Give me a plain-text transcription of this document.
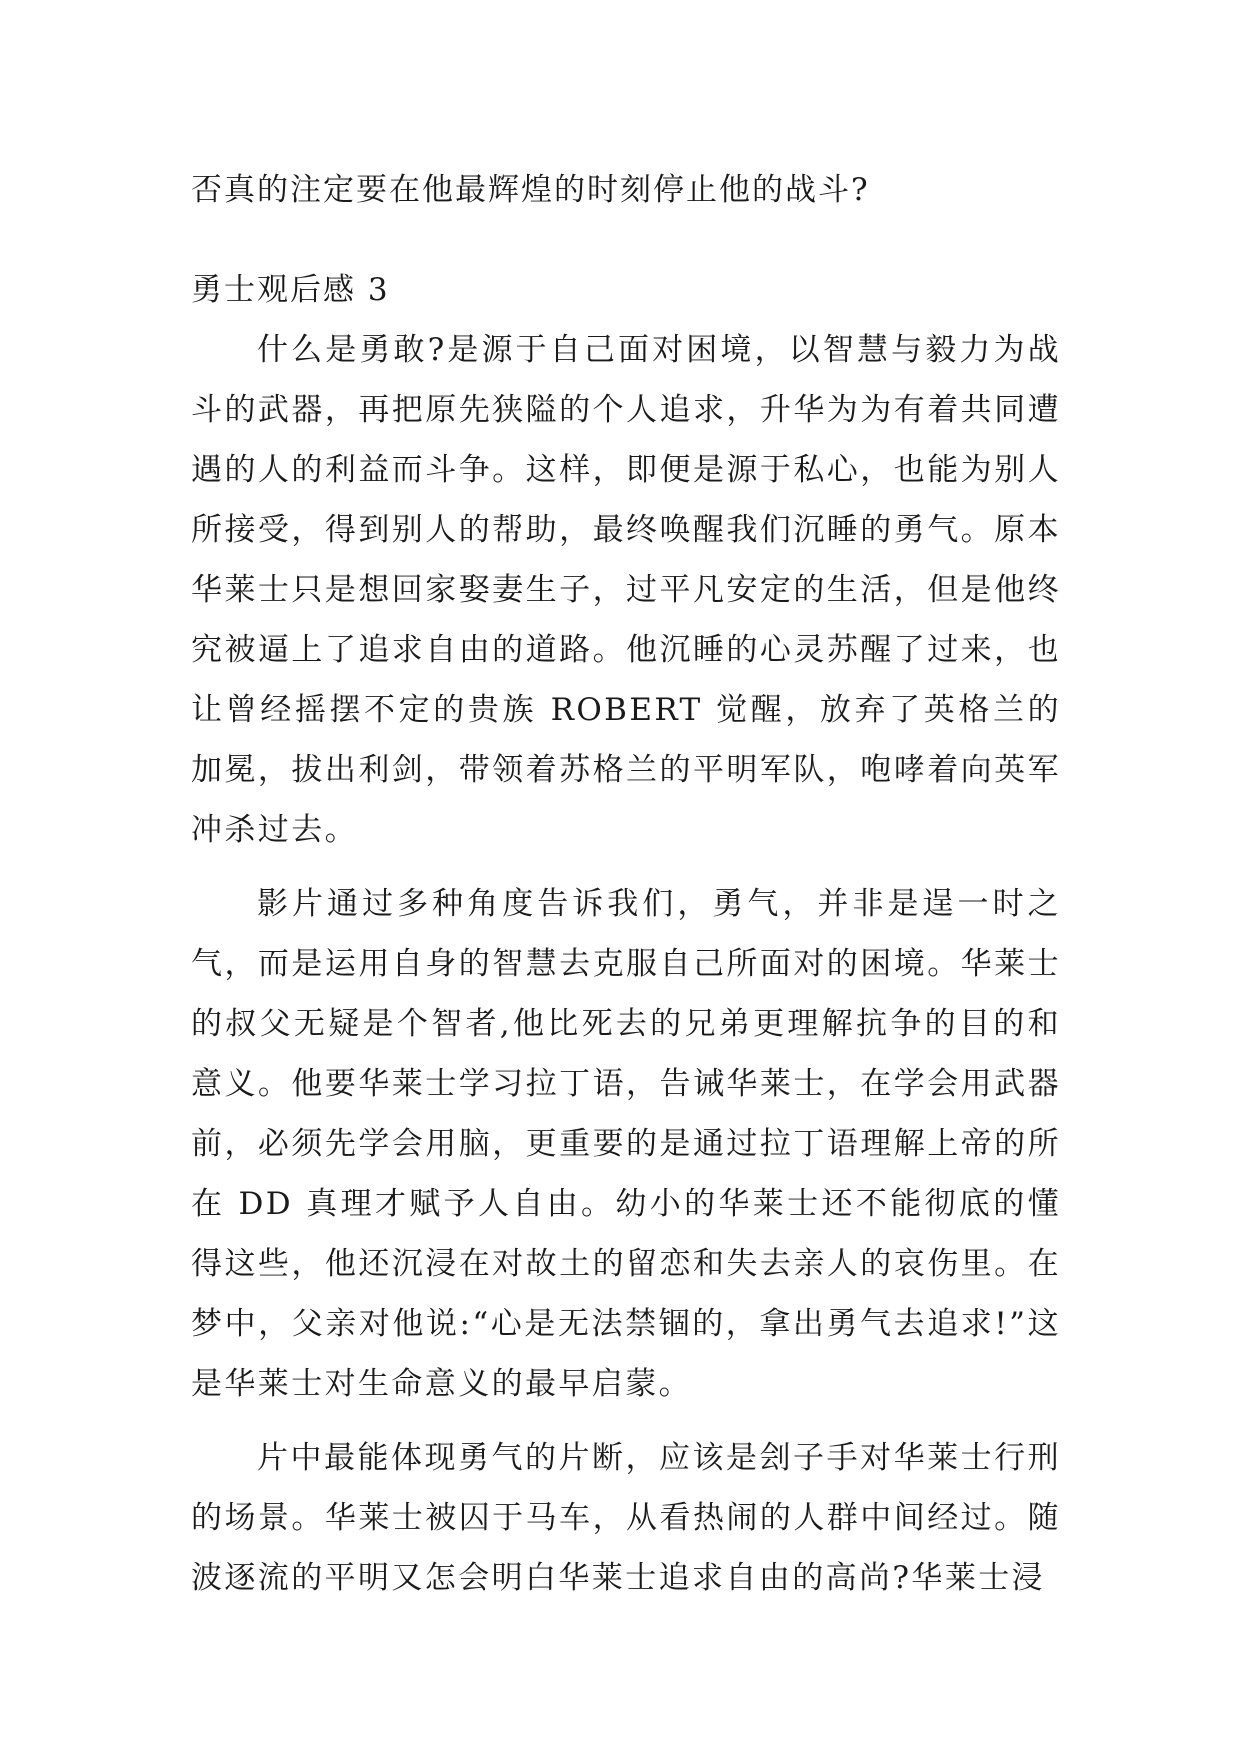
否真的注定要在他最辉煌的时刻停止他的战斗?

勇士观后感 3

什么是勇敢?是源于自己面对困境，以智慧与毅力为战斗的武器，再把原先狭隘的个人追求，升华为为有着共同遭遇的人的利益而斗争。这样，即便是源于私心，也能为别人所接受，得到别人的帮助，最终唤醒我们沉睡的勇气。原本华莱士只是想回家娶妻生子，过平凡安定的生活，但是他终究被逼上了追求自由的道路。他沉睡的心灵苏醒了过来，也让曾经摇摆不定的贵族 ROBERT 觉醒，放弃了英格兰的加冕，拔出利剑，带领着苏格兰的平明军队，咆哮着向英军冲杀过去。

影片通过多种角度告诉我们，勇气，并非是逞一时之气，而是运用自身的智慧去克服自己所面对的困境。华莱士的叔父无疑是个智者,他比死去的兄弟更理解抗争的目的和意义。他要华莱士学习拉丁语，告诫华莱士，在学会用武器前，必须先学会用脑，更重要的是通过拉丁语理解上帝的所在 DD 真理才赋予人自由。幼小的华莱士还不能彻底的懂得这些，他还沉浸在对故土的留恋和失去亲人的哀伤里。在梦中，父亲对他说:“心是无法禁锢的，拿出勇气去追求!”这是华莱士对生命意义的最早启蒙。

片中最能体现勇气的片断，应该是刽子手对华莱士行刑的场景。华莱士被囚于马车，从看热闹的人群中间经过。随波逐流的平明又怎会明白华莱士追求自由的高尚?华莱士浸
